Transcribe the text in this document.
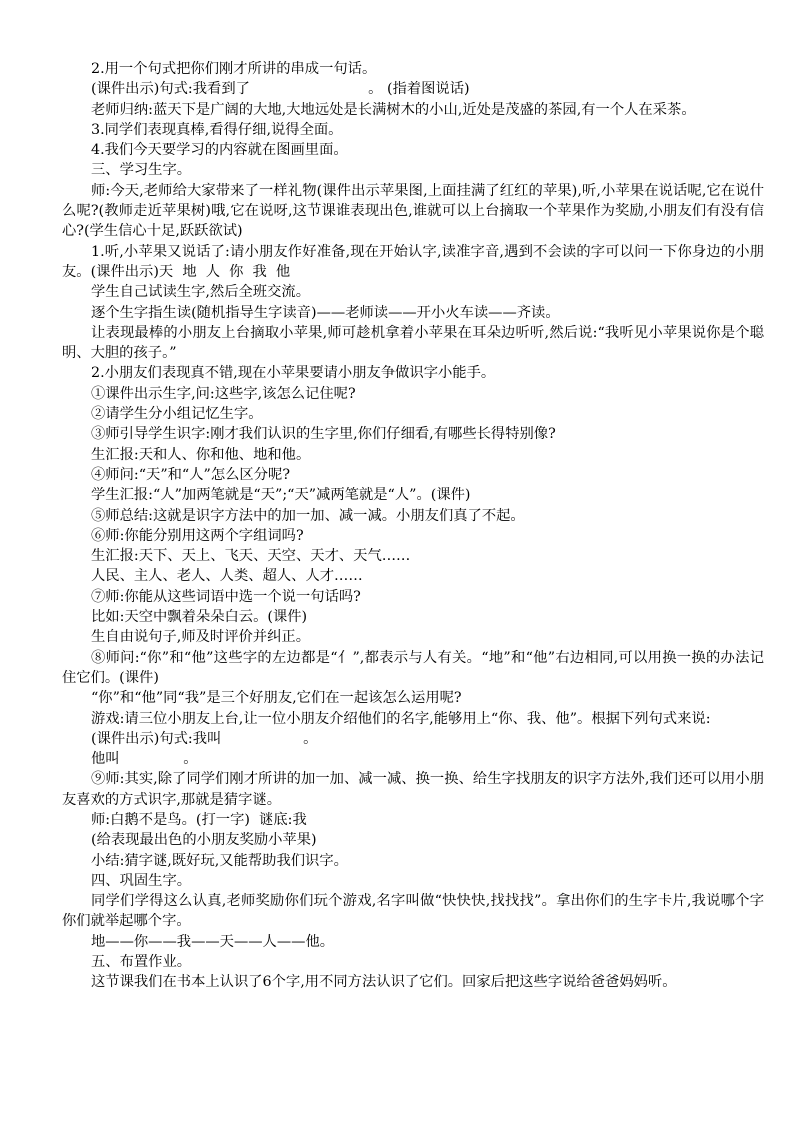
2.用一个句式把你们刚才所讲的串成一句话。

(课件出示)句式:我看到了                          。 (指着图说话)

老师归纳:蓝天下是广阔的大地,大地远处是长满树木的小山,近处是茂盛的茶园,有一个人在采茶。

3.同学们表现真棒,看得仔细,说得全面。

4.我们今天要学习的内容就在图画里面。

三、学习生字。

师:今天,老师给大家带来了一样礼物(课件出示苹果图,上面挂满了红红的苹果),听,小苹果在说话呢,它在说什么呢?(教师走近苹果树)哦,它在说呀,这节课谁表现出色,谁就可以上台摘取一个苹果作为奖励,小朋友们有没有信心?(学生信心十足,跃跃欲试)

1.听,小苹果又说话了:请小朋友作好准备,现在开始认字,读准字音,遇到不会读的字可以问一下你身边的小朋友。(课件出示)天  地  人  你  我  他

学生自己试读生字,然后全班交流。

逐个生字指生读(随机指导生字读音)——老师读——开小火车读——齐读。

让表现最棒的小朋友上台摘取小苹果,师可趁机拿着小苹果在耳朵边听听,然后说:“我听见小苹果说你是个聪明、大胆的孩子。”

2.小朋友们表现真不错,现在小苹果要请小朋友争做识字小能手。

①课件出示生字,问:这些字,该怎么记住呢?

②请学生分小组记忆生字。

③师引导学生识字:刚才我们认识的生字里,你们仔细看,有哪些长得特别像?

生汇报:天和人、你和他、地和他。

④师问:“天”和“人”怎么区分呢?

学生汇报:“人”加两笔就是“天”;“天”减两笔就是“人”。(课件)

⑤师总结:这就是识字方法中的加一加、减一减。小朋友们真了不起。

⑥师:你能分别用这两个字组词吗?

生汇报:天下、天上、飞天、天空、天才、天气……

人民、主人、老人、人类、超人、人才……

⑦师:你能从这些词语中选一个说一句话吗?

比如:天空中飘着朵朵白云。(课件)

生自由说句子,师及时评价并纠正。

⑧师问:“你”和“他”这些字的左边都是“亻”,都表示与人有关。“地”和“他”右边相同,可以用换一换的办法记住它们。(课件)

“你”和“他”同“我”是三个好朋友,它们在一起该怎么运用呢?

游戏:请三位小朋友上台,让一位小朋友介绍他们的名字,能够用上“你、我、他”。根据下列句式来说:

(课件出示)句式:我叫                  。

他叫              。

⑨师:其实,除了同学们刚才所讲的加一加、减一减、换一换、给生字找朋友的识字方法外,我们还可以用小朋友喜欢的方式识字,那就是猜字谜。

师:白鹅不是鸟。(打一字)  谜底:我

(给表现最出色的小朋友奖励小苹果)

小结:猜字谜,既好玩,又能帮助我们识字。

四、巩固生字。

同学们学得这么认真,老师奖励你们玩个游戏,名字叫做“快快快,找找找”。拿出你们的生字卡片,我说哪个字你们就举起哪个字。

地——你——我——天——人——他。

五、布置作业。

这节课我们在书本上认识了6个字,用不同方法认识了它们。回家后把这些字说给爸爸妈妈听。
